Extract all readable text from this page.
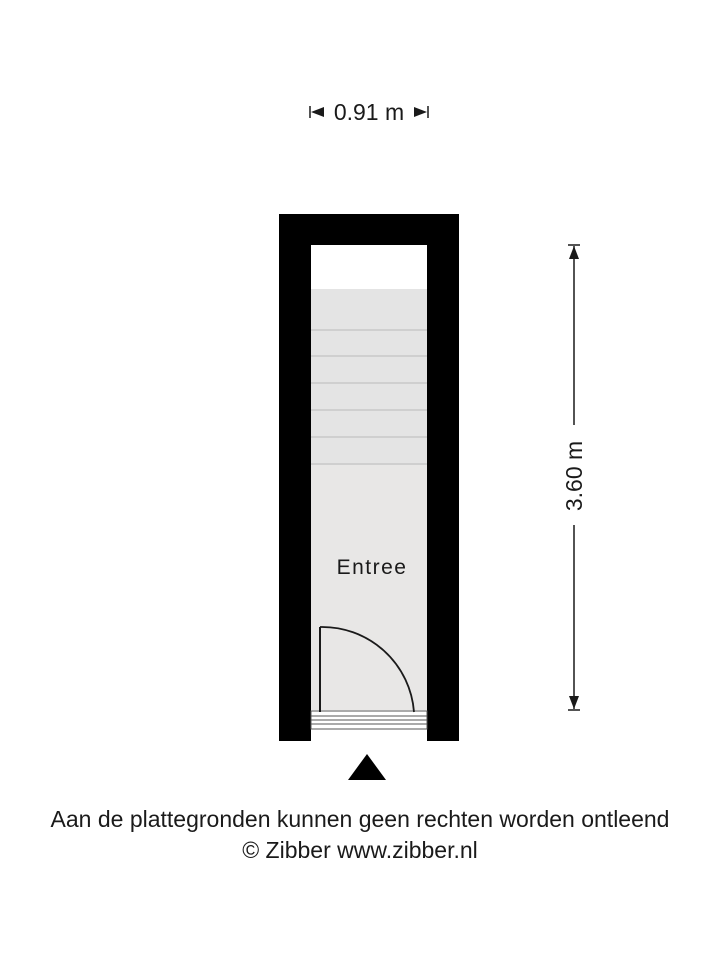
Entree
0.91 m
3.60 m
Aan de plattegronden kunnen geen rechten worden ontleend
© Zibber www.zibber.nl
